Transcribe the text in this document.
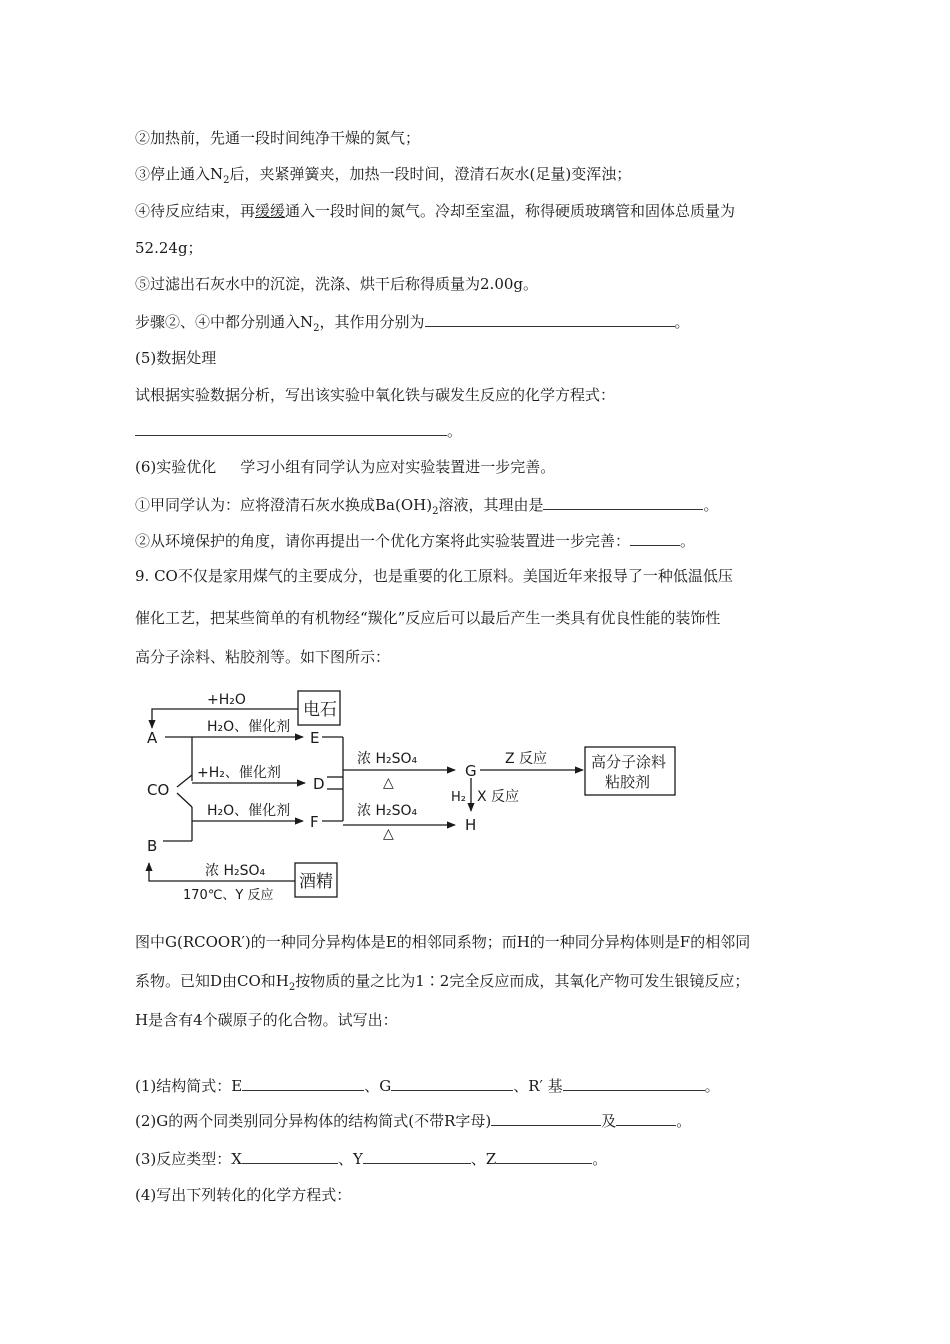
②加热前，先通一段时间纯净干燥的氮气；
③停止通入$N_2$后，夹紧弹簧夹，加热一段时间，澄清石灰水(足量)变浑浊；
④待反应结束，再缓缓通入一段时间的氮气。冷却至室温，称得硬质玻璃管和固体总质量为
52.24g；
⑤过滤出石灰水中的沉淀，洗涤、烘干后称得质量为2.00g。
步骤②、④中都分别通入$N_2$，其作用分别为	。
(5)数据处理
试根据实验数据分析，写出该实验中氧化铁与碳发生反应的化学方程式：
。
(6)实验优化 学习小组有同学认为应对实验装置进一步完善。
①甲同学认为：应将澄清石灰水换成$Ba(OH)_2$溶液，其理由是	。
②从环境保护的角度，请你再提出一个优化方案将此实验装置进一步完善：	。
9. CO不仅是家用煤气的主要成分，也是重要的化工原料。美国近年来报导了一种低温低压
催化工艺，把某些简单的有机物经“羰化”反应后可以最后产生一类具有优良性能的装饰性
高分子涂料、粘胶剂等。如下图所示：
+H₂O	电石
A
H₂O、催化剂
E
+H₂、催化剂
CO	D
H₂O、催化剂
F
B
浓 H₂SO₄
△
浓 H₂SO₄
△
G
H
Z 反应
H₂ X 反应
高分子涂料
粘胶剂
浓 H₂SO₄
170℃、Y 反应
酒精
图中G(RCOOR′)的一种同分异构体是E的相邻同系物；而H的一种同分异构体则是F的相邻同
系物。已知D由CO和$H_2$按物质的量之比为1∶2完全反应而成，其氧化产物可发生银镜反应；
H是含有4个碳原子的化合物。试写出：
(1)结构简式：E	、G	、R′ 基	。
(2)G的两个同类别同分异构体的结构简式(不带R字母)	及	。
(3)反应类型：X	、Y	、Z	。
(4)写出下列转化的化学方程式：
